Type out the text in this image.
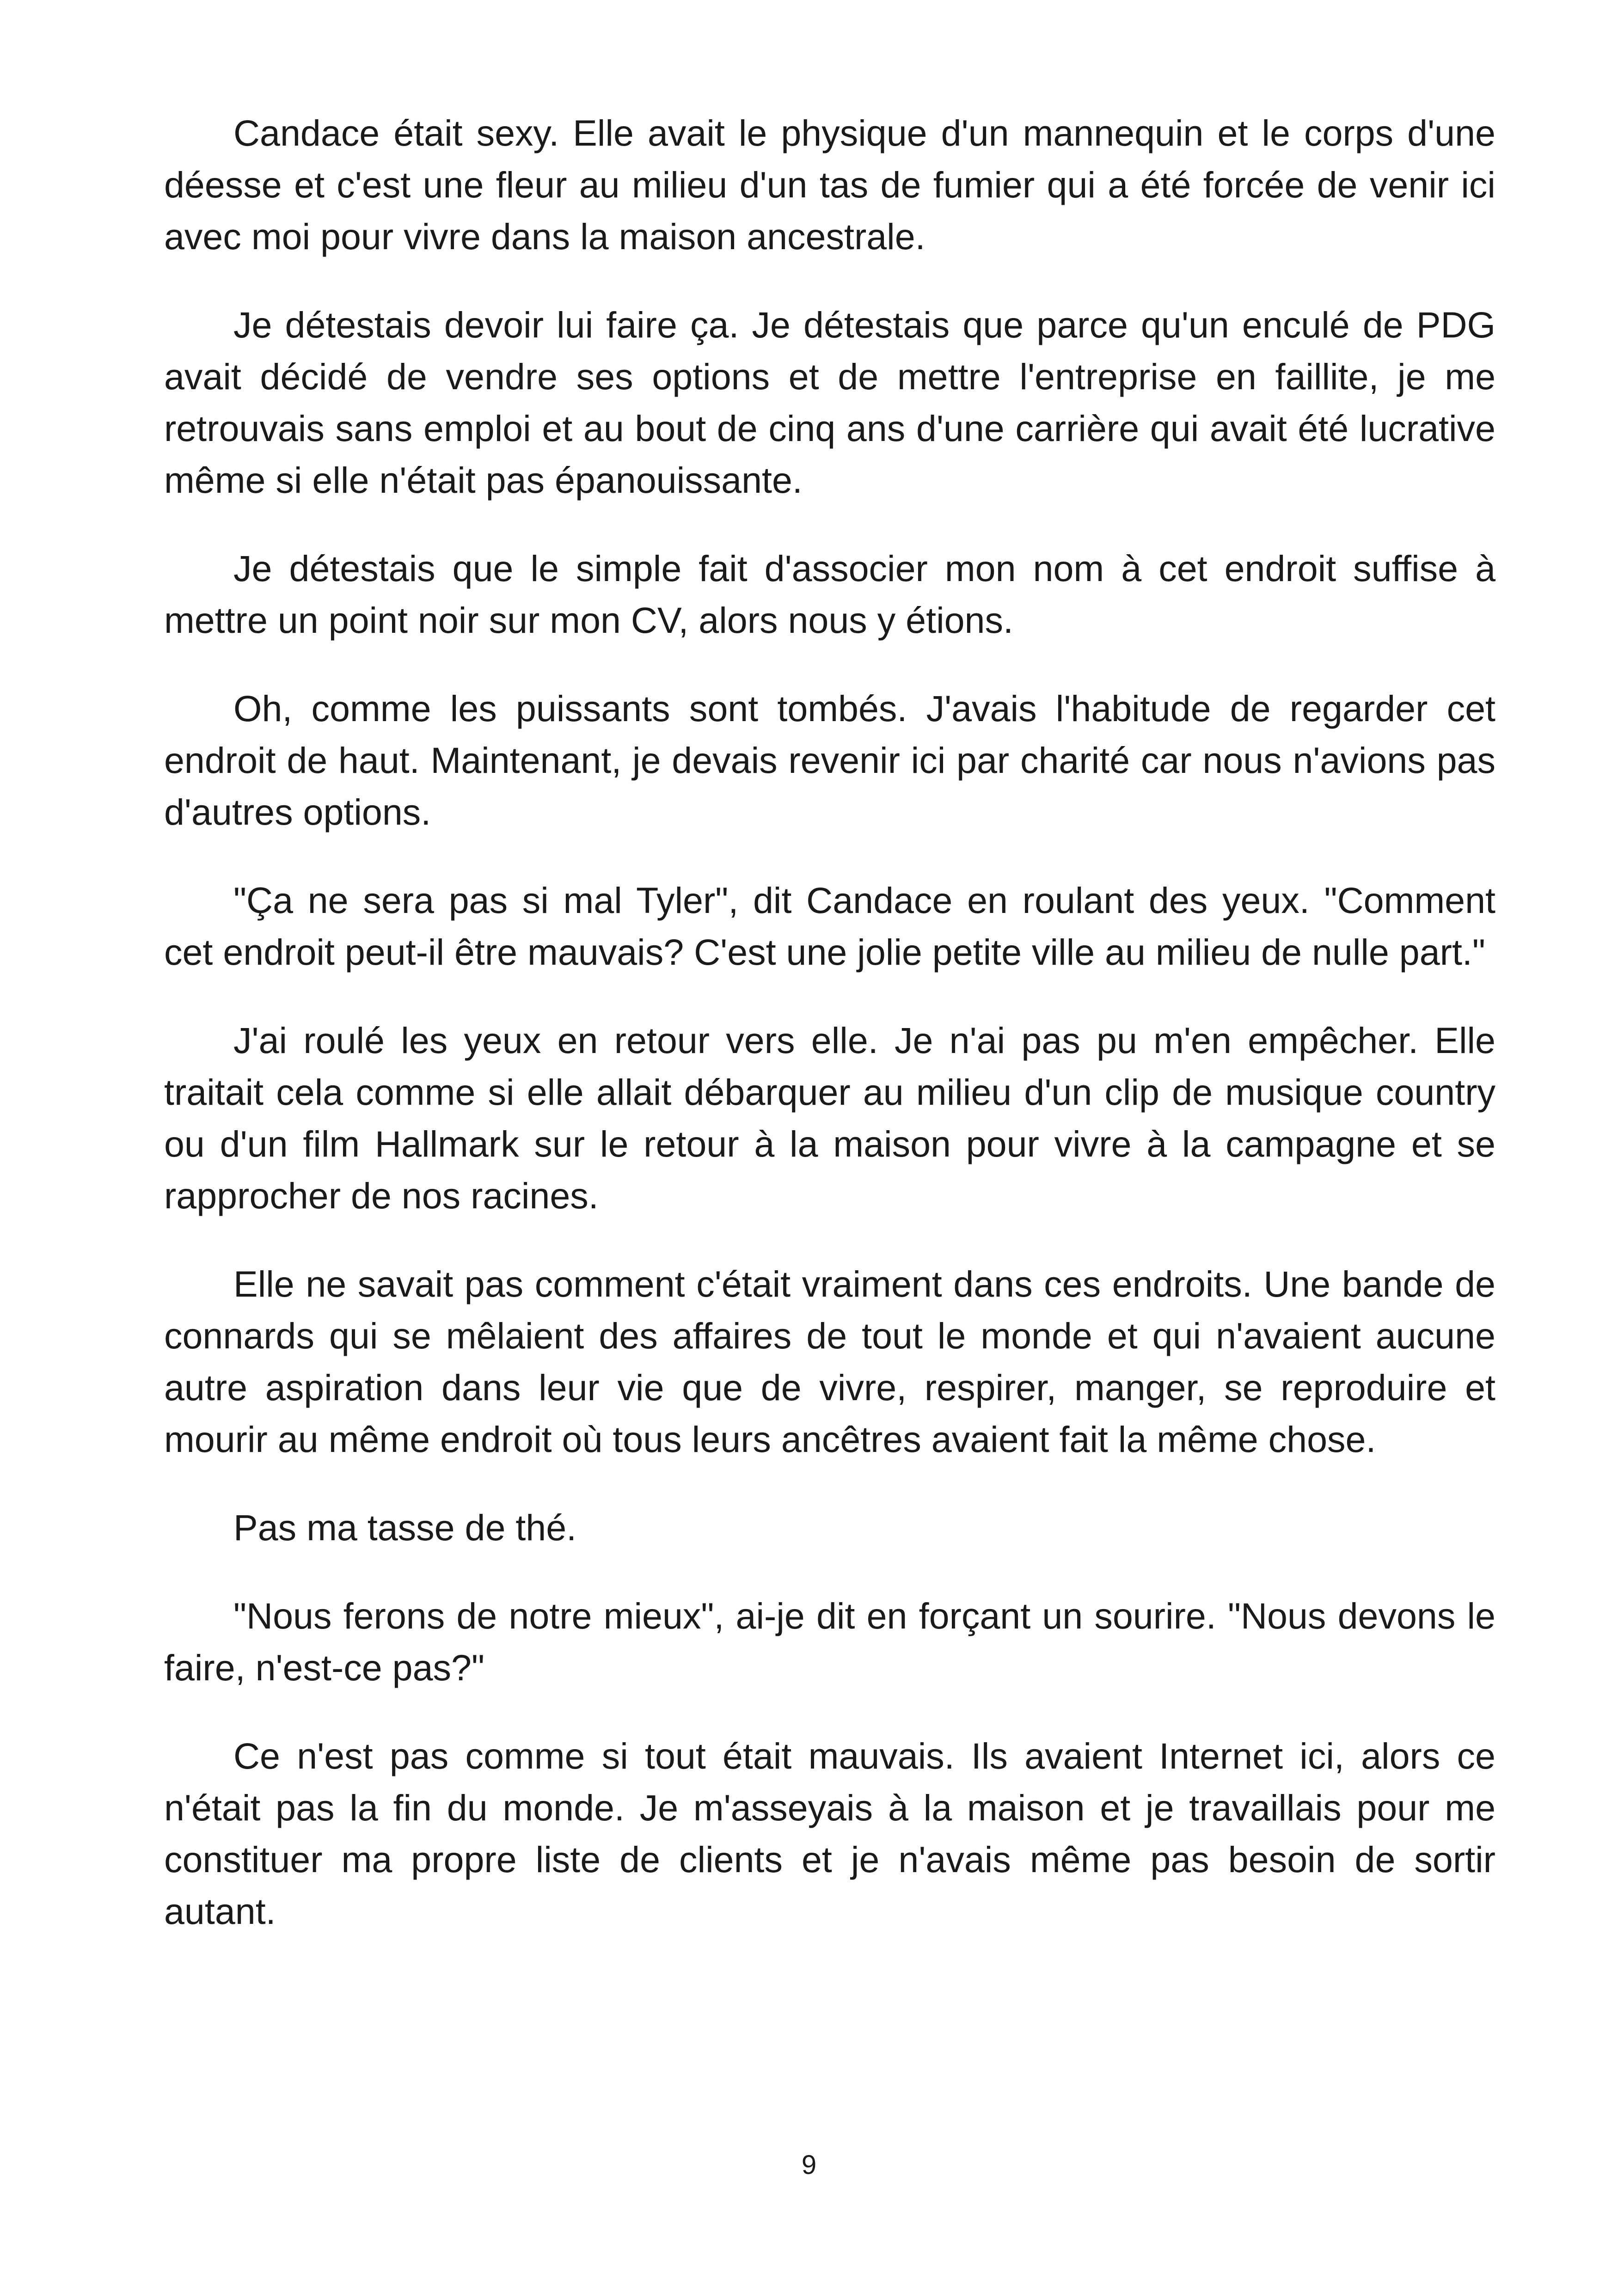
Candace était sexy. Elle avait le physique d'un mannequin et le corps d'une déesse et c'est une fleur au milieu d'un tas de fumier qui a été forcée de venir ici avec moi pour vivre dans la maison ancestrale.

Je détestais devoir lui faire ça. Je détestais que parce qu'un enculé de PDG avait décidé de vendre ses options et de mettre l'entreprise en faillite, je me retrouvais sans emploi et au bout de cinq ans d'une carrière qui avait été lucrative même si elle n'était pas épanouissante.

Je détestais que le simple fait d'associer mon nom à cet endroit suffise à mettre un point noir sur mon CV, alors nous y étions.

Oh, comme les puissants sont tombés. J'avais l'habitude de regarder cet endroit de haut. Maintenant, je devais revenir ici par charité car nous n'avions pas d'autres options.

"Ça ne sera pas si mal Tyler", dit Candace en roulant des yeux. "Comment cet endroit peut-il être mauvais? C'est une jolie petite ville au milieu de nulle part."

J'ai roulé les yeux en retour vers elle. Je n'ai pas pu m'en empêcher. Elle traitait cela comme si elle allait débarquer au milieu d'un clip de musique country ou d'un film Hallmark sur le retour à la maison pour vivre à la campagne et se rapprocher de nos racines.

Elle ne savait pas comment c'était vraiment dans ces endroits. Une bande de connards qui se mêlaient des affaires de tout le monde et qui n'avaient aucune autre aspiration dans leur vie que de vivre, respirer, manger, se reproduire et mourir au même endroit où tous leurs ancêtres avaient fait la même chose.

Pas ma tasse de thé.

"Nous ferons de notre mieux", ai-je dit en forçant un sourire. "Nous devons le faire, n'est-ce pas?"

Ce n'est pas comme si tout était mauvais. Ils avaient Internet ici, alors ce n'était pas la fin du monde. Je m'asseyais à la maison et je travaillais pour me constituer ma propre liste de clients et je n'avais même pas besoin de sortir autant.

9
